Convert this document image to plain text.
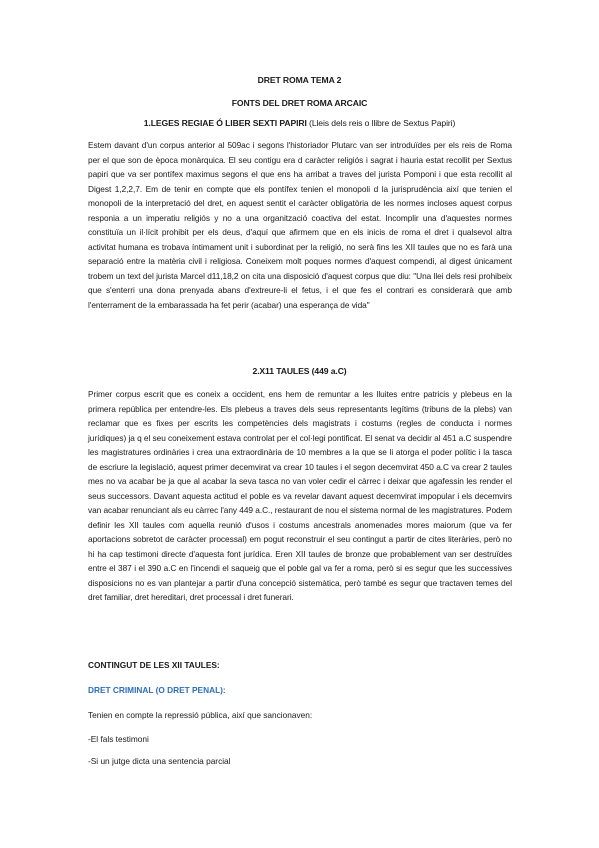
DRET ROMA TEMA 2
FONTS DEL DRET ROMA ARCAIC
1.LEGES REGIAE Ó LIBER SEXTI PAPIRI (Lleis dels reis o llibre de Sextus Papiri)
Estem davant d'un corpus anterior al 509ac i segons l'historiador Plutarc van ser introduïdes per els reis de Roma per el que son de època monàrquica. El seu contigu era d caràcter religiós i sagrat i hauria estat recollit per Sextus papiri que va ser pontífex maximus segons el que ens ha arribat a traves del jurista Pomponi i que esta recollit al Digest 1,2,2,7. Em de tenir en compte que els pontífex tenien el monopoli d la jurisprudència així que tenien el monopoli de la interpretació del dret, en aquest sentit el caràcter obligatòria de les normes incloses aquest corpus responia a un imperatiu religiós y no a una organització coactiva del estat. Incomplir una d'aquestes normes constituïa un il·lícit prohibit per els deus, d'aquí que afirmem que en els inicis de roma el dret i qualsevol altra activitat humana es trobava íntimament unit i subordinat per la religió, no serà fins les XII taules que no es farà una separació entre la matèria civil i religiosa. Coneixem molt poques normes d'aquest compendi, al digest únicament trobem un text del jurista Marcel d11,18,2 on cita una disposició d'aquest corpus que diu: "Una llei dels resi prohibeix que s'enterri una dona prenyada abans d'extreure-li el fetus, i el que fes el contrari es considerarà que amb l'enterrament de la embarassada ha fet perir (acabar) una esperança de vida"
2.X11 TAULES (449 a.C)
Primer corpus escrit que es coneix a occident, ens hem de remuntar a les lluites entre patricis y plebeus en la primera república per entendre-les. Els plebeus a traves dels seus representants legítims (tribuns de la plebs) van reclamar que es fixes per escrits les competències dels magistrats i costums (regles de conducta i normes jurídiques) ja q el seu coneixement estava controlat per el col·legi pontificat. El senat va decidir al 451 a.C suspendre les magistratures ordinàries i crea una extraordinària de 10 membres a la que se li atorga el poder polític i la tasca de escriure la legislació, aquest primer decemvirat va crear 10 taules i el segon decemvirat 450 a.C va crear 2 taules mes no va acabar be ja que al acabar la seva tasca no van voler cedir el càrrec i deixar que agafessin les render el seus successors. Davant aquesta actitud el poble es va revelar davant aquest decemvirat impopular i els decemvirs van acabar renunciant als eu càrrec l'any 449 a.C., restaurant de nou el sistema normal de les magistratures. Podem definir les XII taules com aquella reunió d'usos i costums ancestrals anomenades mores maiorum (que va fer aportacions sobretot de caràcter processal) em pogut reconstruir el seu contingut a partir de cites literàries, però no hi ha cap testimoni directe d'aquesta font jurídica. Eren XII taules de bronze que probablement van ser destruïdes entre el 387 i el 390 a.C en l'incendi el saqueig que el poble gal va fer a roma, però si es segur que les successives disposicions no es van plantejar a partir d'una concepció sistemàtica, però també es segur que tractaven temes del dret familiar, dret hereditari, dret processal i dret funerari.
CONTINGUT DE LES XII TAULES:
DRET CRIMINAL (O DRET PENAL):
Tenien en compte la repressió pública, així que sancionaven:
-El fals testimoni
-Si un jutge dicta una sentencia parcial
